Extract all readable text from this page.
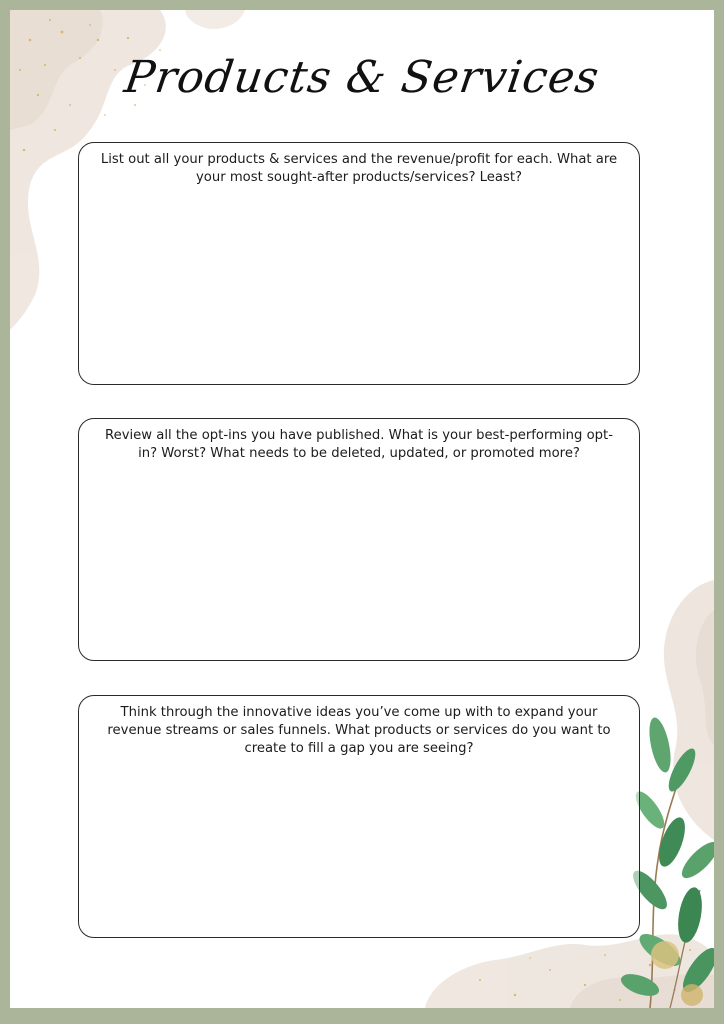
Products & Services
List out all your products & services and the revenue/profit for each. What are your most sought-after products/services? Least?
Review all the opt-ins you have published. What is your best-performing opt-in? Worst? What needs to be deleted, updated, or promoted more?
Think through the innovative ideas you’ve come up with to expand your revenue streams or sales funnels. What products or services do you want to create to fill a gap you are seeing?
